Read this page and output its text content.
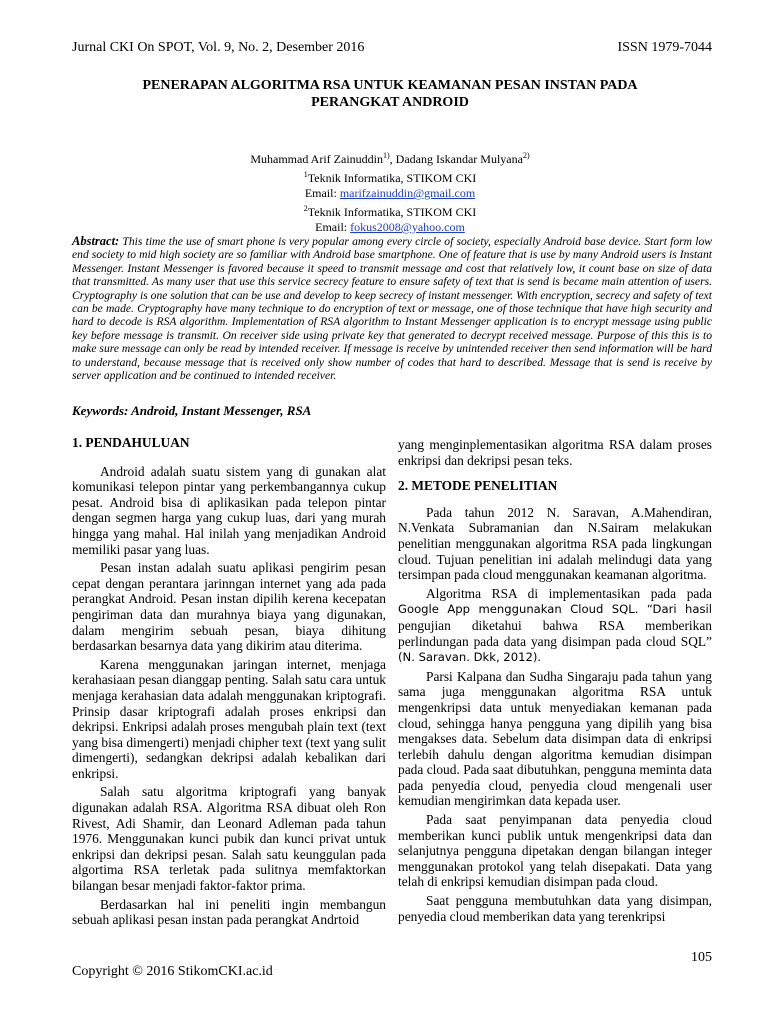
Jurnal CKI On SPOT, Vol. 9, No. 2, Desember 2016	ISSN 1979-7044
PENERAPAN ALGORITMA RSA UNTUK KEAMANAN PESAN INSTAN PADA
PERANGKAT ANDROID
Muhammad Arif Zainuddin$^{1)}$, Dadang Iskandar Mulyana$^{2)}$
$^1$Teknik Informatika, STIKOM CKI
Email: marifzainuddin@gmail.com
$^2$Teknik Informatika, STIKOM CKI
Email: fokus2008@yahoo.com
Abstract: This time the use of smart phone is very popular among every circle of society, especially Android base device. Start form low end society to mid high society are so familiar with Android base smartphone. One of feature that is use by many Android users is Instant Messenger. Instant Messenger is favored because it speed to transmit message and cost that relatively low, it count base on size of data that transmitted. As many user that use this service secrecy feature to ensure safety of text that is send is became main attention of users. Cryptography is one solution that can be use and develop to keep secrecy of instant messenger. With encryption, secrecy and safety of text can be made. Cryptography have many technique to do encryption of text or message, one of those technique that have high security and hard to decode is RSA algorithm. Implementation of RSA algorithm to Instant Messenger application is to encrypt message using public key before message is transmit. On receiver side using private key that generated to decrypt received message. Purpose of this this is to make sure message can only be read by intended receiver. If message is receive by unintended receiver then send information will be hard to understand, because message that is received only show number of codes that hard to described. Message that is send is receive by server application and be continued to intended receiver.
Keywords: Android, Instant Messenger, RSA
1. PENDAHULUAN

Android adalah suatu sistem yang di gunakan alat komunikasi telepon pintar yang perkembangannya cukup pesat. Android bisa di aplikasikan pada telepon pintar dengan segmen harga yang cukup luas, dari yang murah hingga yang mahal. Hal inilah yang menjadikan Android memiliki pasar yang luas.

Pesan instan adalah suatu aplikasi pengirim pesan cepat dengan perantara jarinngan internet yang ada pada perangkat Android. Pesan instan dipilih kerena kecepatan pengiriman data dan murahnya biaya yang digunakan, dalam mengirim sebuah pesan, biaya dihitung berdasarkan besarnya data yang dikirim atau diterima.

Karena menggunakan jaringan internet, menjaga kerahasiaan pesan dianggap penting. Salah satu cara untuk menjaga kerahasian data adalah menggunakan kriptografi. Prinsip dasar kriptografi adalah proses enkripsi dan dekripsi. Enkripsi adalah proses mengubah plain text (text yang bisa dimengerti) menjadi chipher text (text yang sulit dimengerti), sedangkan dekripsi adalah kebalikan dari enkripsi.

Salah satu algoritma kriptografi yang banyak digunakan adalah RSA. Algoritma RSA dibuat oleh Ron Rivest, Adi Shamir, dan Leonard Adleman pada tahun 1976. Menggunakan kunci pubik dan kunci privat untuk enkripsi dan dekripsi pesan. Salah satu keunggulan pada algortima RSA terletak pada sulitnya memfaktorkan bilangan besar menjadi faktor-faktor prima.

Berdasarkan hal ini peneliti ingin membangun sebuah aplikasi pesan instan pada perangkat Andrtoid

yang menginplementasikan algoritma RSA dalam proses enkripsi dan dekripsi pesan teks.

2. METODE PENELITIAN

Pada tahun 2012 N. Saravan, A.Mahendiran, N.Venkata Subramanian dan N.Sairam melakukan penelitian menggunakan algoritma RSA pada lingkungan cloud. Tujuan penelitian ini adalah melindugi data yang tersimpan pada cloud menggunakan keamanan algoritma.

Algoritma RSA di implementasikan pada pada Google App menggunakan Cloud SQL. “Dari hasil pengujian diketahui bahwa RSA memberikan perlindungan pada data yang disimpan pada cloud SQL” (N. Saravan. Dkk, 2012).

Parsi Kalpana dan Sudha Singaraju pada tahun yang sama juga menggunakan algoritma RSA untuk mengenkripsi data untuk menyediakan kemanan pada cloud, sehingga hanya pengguna yang dipilih yang bisa mengakses data. Sebelum data disimpan data di enkripsi terlebih dahulu dengan algoritma kemudian disimpan pada cloud. Pada saat dibutuhkan, pengguna meminta data pada penyedia cloud, penyedia cloud mengenali user kemudian mengirimkan data kepada user.

Pada saat penyimpanan data penyedia cloud memberikan kunci publik untuk mengenkripsi data dan selanjutnya pengguna dipetakan dengan bilangan integer menggunakan protokol yang telah disepakati. Data yang telah di enkripsi kemudian disimpan pada cloud.

Saat pengguna membutuhkan data yang disimpan, penyedia cloud memberikan data yang terenkripsi

105
Copyright © 2016 StikomCKI.ac.id
